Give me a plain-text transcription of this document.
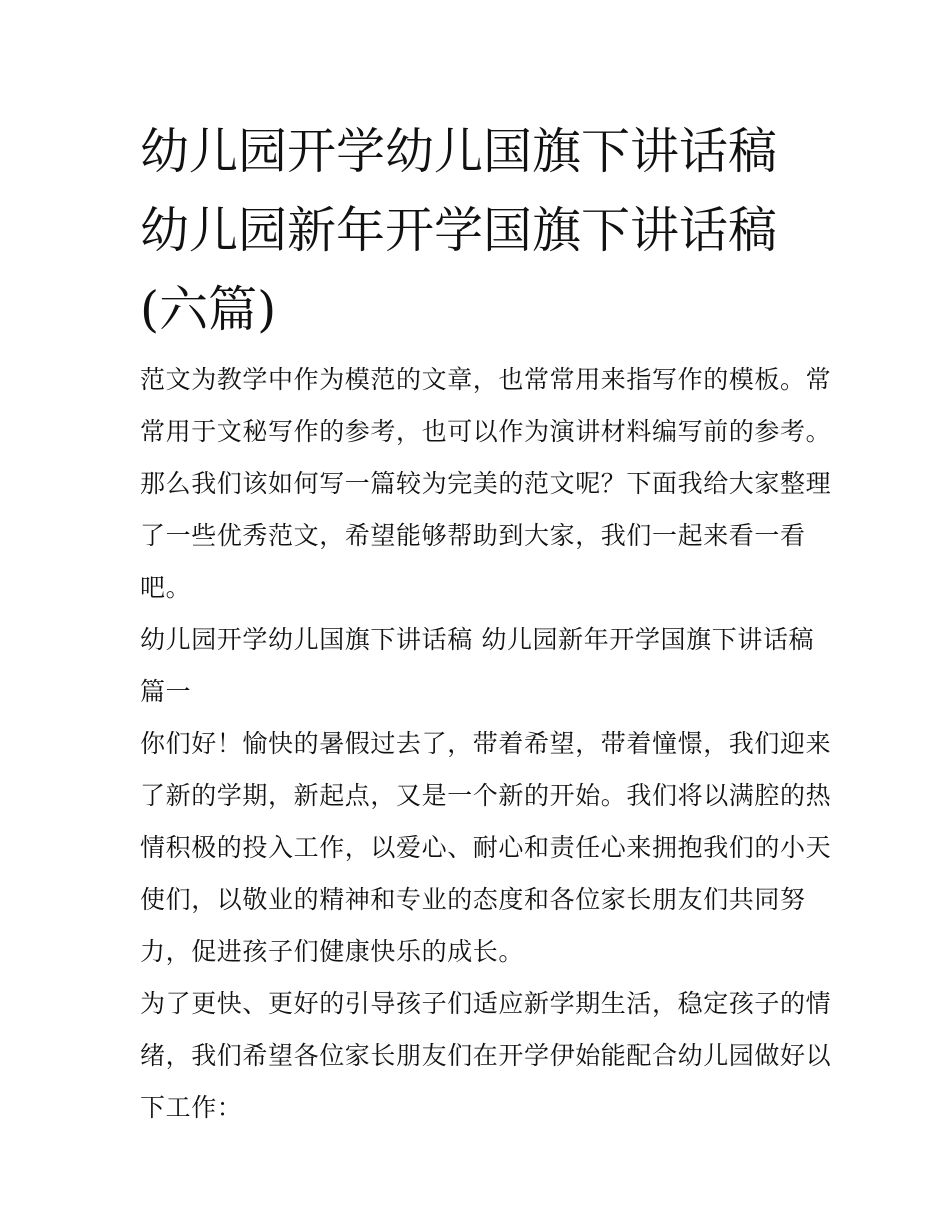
幼儿园开学幼儿国旗下讲话稿
幼儿园新年开学国旗下讲话稿
(六篇)

范文为教学中作为模范的文章，也常常用来指写作的模板。常
常用于文秘写作的参考，也可以作为演讲材料编写前的参考。
那么我们该如何写一篇较为完美的范文呢？下面我给大家整理
了一些优秀范文，希望能够帮助到大家，我们一起来看一看
吧。

幼儿园开学幼儿国旗下讲话稿 幼儿园新年开学国旗下讲话稿
篇一

你们好！愉快的暑假过去了，带着希望，带着憧憬，我们迎来
了新的学期，新起点，又是一个新的开始。我们将以满腔的热
情积极的投入工作，以爱心、耐心和责任心来拥抱我们的小天
使们，以敬业的精神和专业的态度和各位家长朋友们共同努
力，促进孩子们健康快乐的成长。

为了更快、更好的引导孩子们适应新学期生活，稳定孩子的情
绪，我们希望各位家长朋友们在开学伊始能配合幼儿园做好以
下工作：
